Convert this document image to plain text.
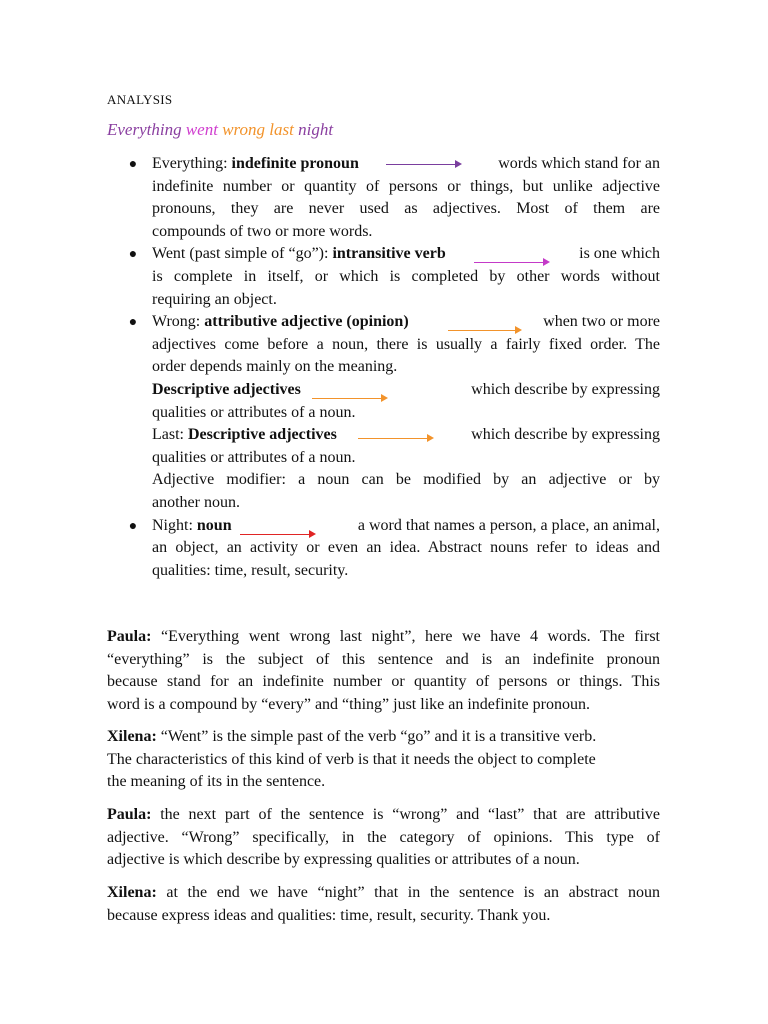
ANALYSIS
Everything went wrong last night
● Everything: indefinite pronoun	words which stand for an
indefinite number or quantity of persons or things, but unlike adjective
pronouns, they are never used as adjectives. Most of them are
compounds of two or more words.
● Went (past simple of “go”): intransitive verb	is one which
is complete in itself, or which is completed by other words without
requiring an object.
● Wrong: attributive adjective (opinion)	when two or more
adjectives come before a noun, there is usually a fairly fixed order. The
order depends mainly on the meaning.
Descriptive adjectives	which describe by expressing
qualities or attributes of a noun.
Last: Descriptive adjectives	which describe by expressing
qualities or attributes of a noun.
Adjective modifier: a noun can be modified by an adjective or by
another noun.
● Night: noun	a word that names a person, a place, an animal,
an object, an activity or even an idea. Abstract nouns refer to ideas and
qualities: time, result, security.
Paula: “Everything went wrong last night”, here we have 4 words. The first
“everything” is the subject of this sentence and is an indefinite pronoun
because stand for an indefinite number or quantity of persons or things. This
word is a compound by “every” and “thing” just like an indefinite pronoun.
Xilena: “Went” is the simple past of the verb “go” and it is a transitive verb.
The characteristics of this kind of verb is that it needs the object to complete
the meaning of its in the sentence.
Paula: the next part of the sentence is “wrong” and “last” that are attributive
adjective. “Wrong” specifically, in the category of opinions. This type of
adjective is which describe by expressing qualities or attributes of a noun.
Xilena: at the end we have “night” that in the sentence is an abstract noun
because express ideas and qualities: time, result, security. Thank you.
